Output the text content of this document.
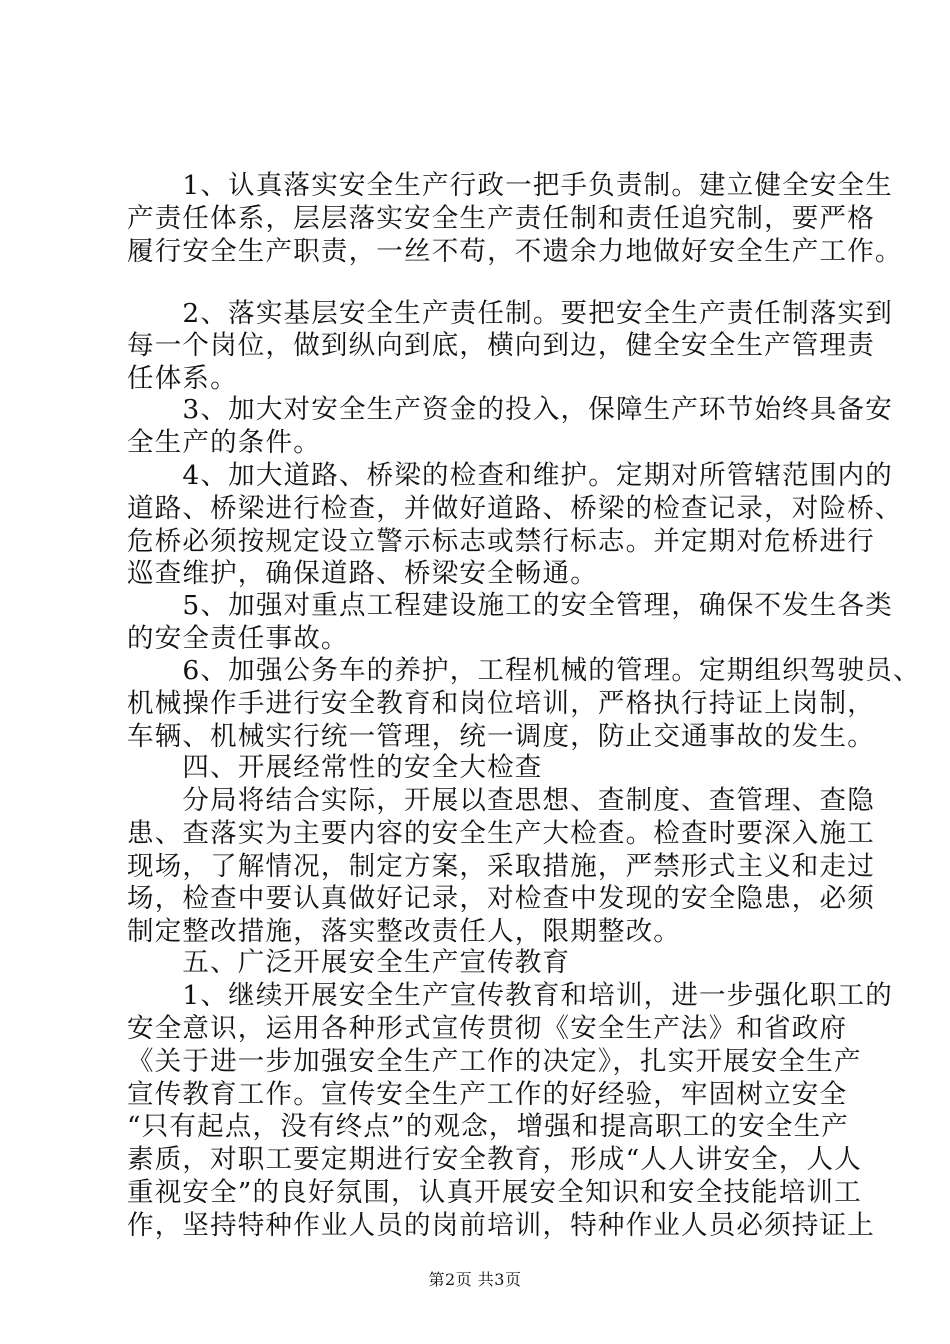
　　1、认真落实安全生产行政一把手负责制。建立健全安全生
产责任体系，层层落实安全生产责任制和责任追究制，要严格
履行安全生产职责，一丝不苟，不遗余力地做好安全生产工作。
　　2、落实基层安全生产责任制。要把安全生产责任制落实到
每一个岗位，做到纵向到底，横向到边，健全安全生产管理责
任体系。
　　3、加大对安全生产资金的投入，保障生产环节始终具备安
全生产的条件。
　　4、加大道路、桥梁的检查和维护。定期对所管辖范围内的
道路、桥梁进行检查，并做好道路、桥梁的检查记录，对险桥、
危桥必须按规定设立警示标志或禁行标志。并定期对危桥进行
巡查维护，确保道路、桥梁安全畅通。
　　5、加强对重点工程建设施工的安全管理，确保不发生各类
的安全责任事故。
　　6、加强公务车的养护，工程机械的管理。定期组织驾驶员、
机械操作手进行安全教育和岗位培训，严格执行持证上岗制，
车辆、机械实行统一管理，统一调度，防止交通事故的发生。
　　四、开展经常性的安全大检查
　　分局将结合实际，开展以查思想、查制度、查管理、查隐
患、查落实为主要内容的安全生产大检查。检查时要深入施工
现场，了解情况，制定方案，采取措施，严禁形式主义和走过
场，检查中要认真做好记录，对检查中发现的安全隐患，必须
制定整改措施，落实整改责任人，限期整改。
　　五、广泛开展安全生产宣传教育
　　1、继续开展安全生产宣传教育和培训，进一步强化职工的
安全意识，运用各种形式宣传贯彻《安全生产法》和省政府
《关于进一步加强安全生产工作的决定》，扎实开展安全生产
宣传教育工作。宣传安全生产工作的好经验，牢固树立安全
“只有起点，没有终点”的观念，增强和提高职工的安全生产
素质，对职工要定期进行安全教育，形成“人人讲安全，人人
重视安全”的良好氛围，认真开展安全知识和安全技能培训工
作，坚持特种作业人员的岗前培训，特种作业人员必须持证上
第2页 共3页
